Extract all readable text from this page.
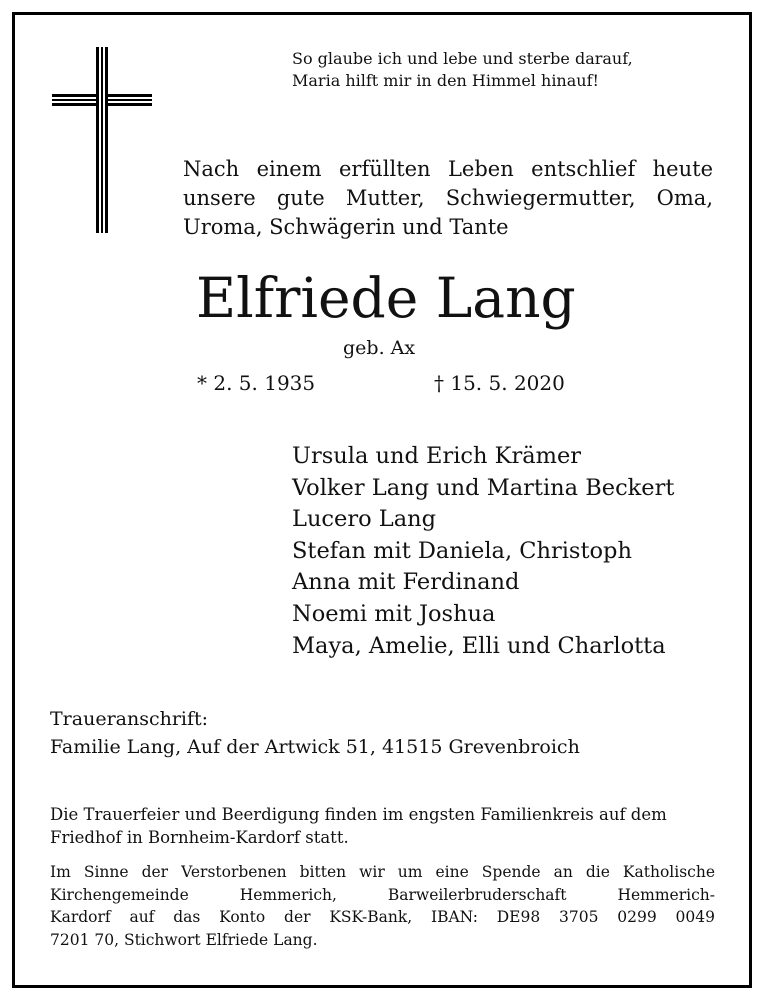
So glaube ich und lebe und sterbe darauf,
Maria hilft mir in den Himmel hinauf!
Nach einem erfüllten Leben entschlief heute unsere gute Mutter, Schwiegermutter, Oma, Uroma, Schwägerin und Tante
Elfriede Lang
geb. Ax
* 2. 5. 1935	† 15. 5. 2020
Ursula und Erich Krämer
Volker Lang und Martina Beckert
Lucero Lang
Stefan mit Daniela, Christoph
Anna mit Ferdinand
Noemi mit Joshua
Maya, Amelie, Elli und Charlotta
Traueranschrift:
Familie Lang, Auf der Artwick 51, 41515 Grevenbroich
Die Trauerfeier und Beerdigung finden im engsten Familienkreis auf dem Friedhof in Bornheim-Kardorf statt.
Im Sinne der Verstorbenen bitten wir um eine Spende an die Katholische
Kirchengemeinde Hemmerich, Barweilerbruderschaft Hemmerich-
Kardorf auf das Konto der KSK-Bank, IBAN: DE98 3705 0299 0049
7201 70, Stichwort Elfriede Lang.
